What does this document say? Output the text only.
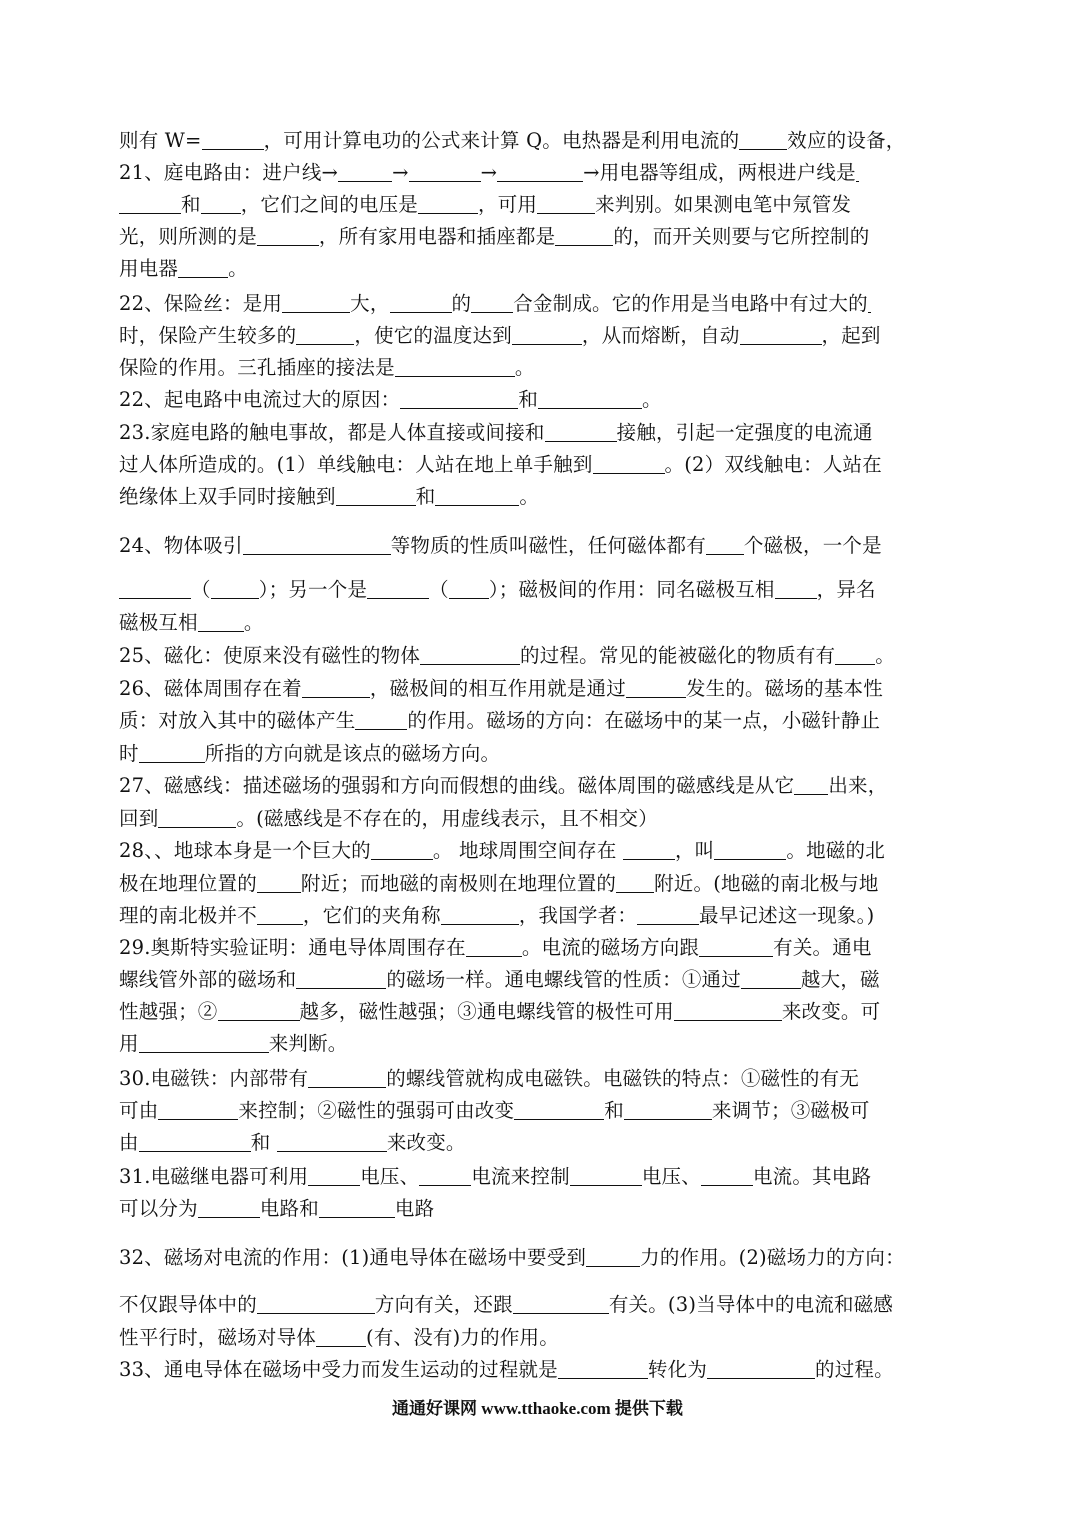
则有 W=	，可用计算电功的公式来计算 Q。电热器是利用电流的 效应的设备，
21、庭电路由：进户线→	→	→	→用电器等组成，两根进户线是
和 ，它们之间的电压是	，可用	来判别。如果测电笔中氖管发
光，则所测的是	，所有家用电器和插座都是	的，而开关则要与它所控制的
用电器	。
22、保险丝：是用	大，	的 合金制成。它的作用是当电路中有过大的
时，保险产生较多的	，使它的温度达到	，从而熔断，自动	，起到
保险的作用。三孔插座的接法是	。
22、起电路中电流过大的原因：	和	。
23.家庭电路的触电事故，都是人体直接或间接和	接触，引起一定强度的电流通
过人体所造成的。(1）单线触电：人站在地上单手触到	。(2）双线触电：人站在
绝缘体上双手同时接触到	和	。
24、物体吸引	等物质的性质叫磁性，任何磁体都有 个磁极，一个是
（ ）；另一个是	（ ）；磁极间的作用：同名磁极互相 ，异名
磁极互相 。
25、磁化：使原来没有磁性的物体	的过程。常见的能被磁化的物质有有 。
26、磁体周围存在着	，磁极间的相互作用就是通过	发生的。磁场的基本性
质：对放入其中的磁体产生	的作用。磁场的方向：在磁场中的某一点，小磁针静止
时	所指的方向就是该点的磁场方向。
27、磁感线：描述磁场的强弱和方向而假想的曲线。磁体周围的磁感线是从它 出来，
回到	。(磁感线是不存在的，用虚线表示，且不相交）
28、、地球本身是一个巨大的	。 地球周围空间存在	，叫	。地磁的北
极在地理位置的 附近；而地磁的南极则在地理位置的 附近。(地磁的南北极与地
理的南北极并不 ，它们的夹角称	，我国学者：	最早记述这一现象。)
29.奥斯特实验证明：通电导体周围存在	。电流的磁场方向跟	有关。通电
螺线管外部的磁场和	的磁场一样。通电螺线管的性质：①通过	越大，磁
性越强；②	越多，磁性越强；③通电螺线管的极性可用	来改变。可
用	来判断。
30.电磁铁：内部带有	的螺线管就构成电磁铁。电磁铁的特点：①磁性的有无
可由	来控制；②磁性的强弱可由改变	和	来调节；③磁极可
由	和	来改变。
31.电磁继电器可利用	电压、	电流来控制	电压、	电流。其电路
可以分为	电路和	电路
32、磁场对电流的作用：(1)通电导体在磁场中要受到	力的作用。(2)磁场力的方向：
不仅跟导体中的	方向有关，还跟	有关。(3)当导体中的电流和磁感
性平行时，磁场对导体	(有、没有)力的作用。
33、通电导体在磁场中受力而发生运动的过程就是	转化为	的过程。
通通好课网 www.tthaoke.com 提供下载
